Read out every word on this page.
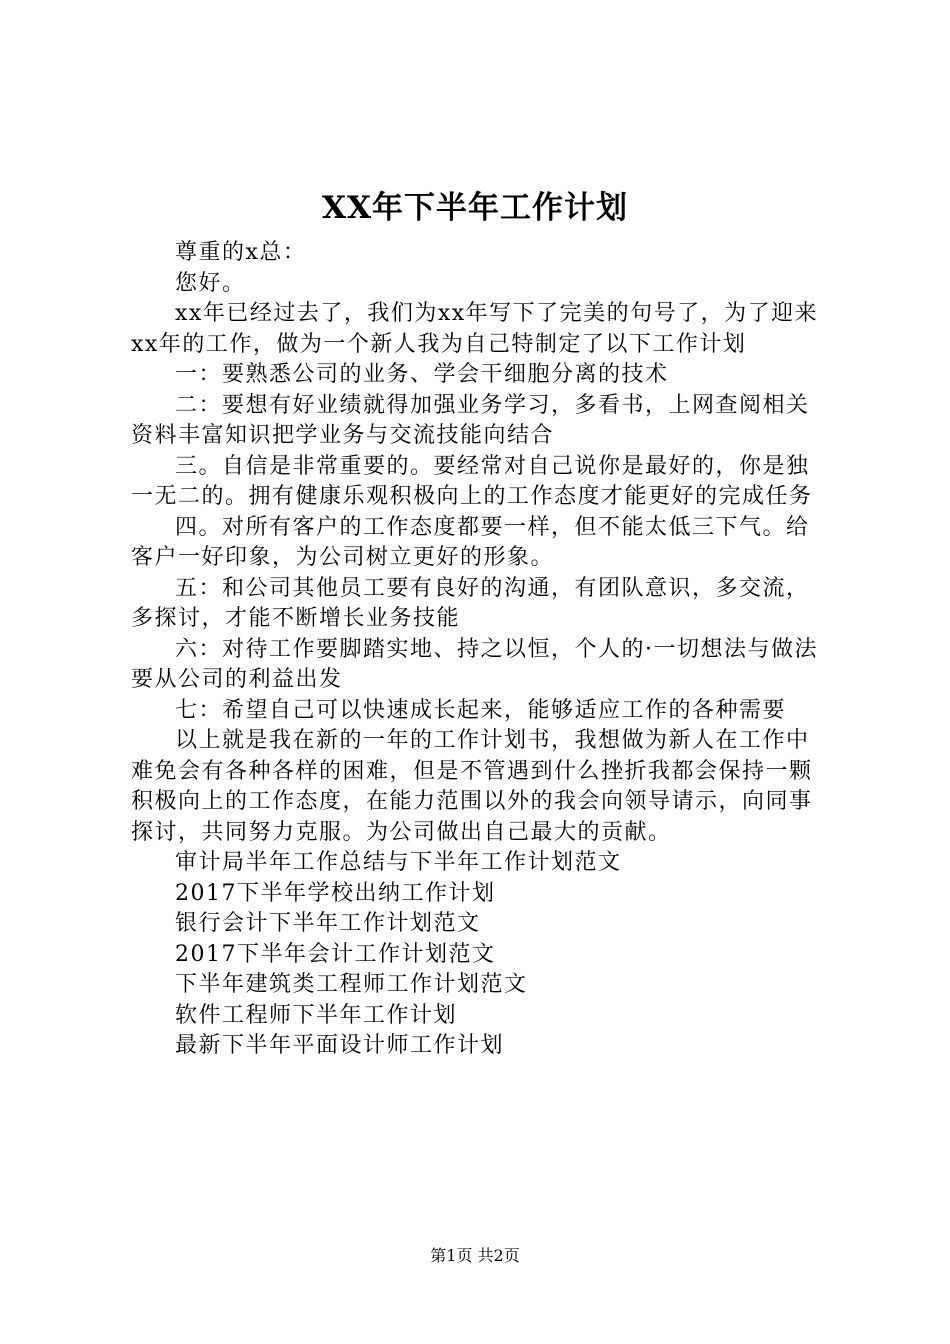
XX年下半年工作计划

尊重的x总：

您好。

xx年已经过去了，我们为xx年写下了完美的句号了，为了迎来xx年的工作，做为一个新人我为自己特制定了以下工作计划

一：要熟悉公司的业务、学会干细胞分离的技术

二：要想有好业绩就得加强业务学习，多看书，上网查阅相关资料丰富知识把学业务与交流技能向结合

三。自信是非常重要的。要经常对自己说你是最好的，你是独一无二的。拥有健康乐观积极向上的工作态度才能更好的完成任务

四。对所有客户的工作态度都要一样，但不能太低三下气。给客户一好印象，为公司树立更好的形象。

五：和公司其他员工要有良好的沟通，有团队意识，多交流，多探讨，才能不断增长业务技能

六：对待工作要脚踏实地、持之以恒，个人的·一切想法与做法要从公司的利益出发

七：希望自己可以快速成长起来，能够适应工作的各种需要

以上就是我在新的一年的工作计划书，我想做为新人在工作中难免会有各种各样的困难，但是不管遇到什么挫折我都会保持一颗积极向上的工作态度，在能力范围以外的我会向领导请示，向同事探讨，共同努力克服。为公司做出自己最大的贡献。

审计局半年工作总结与下半年工作计划范文

2017下半年学校出纳工作计划

银行会计下半年工作计划范文

2017下半年会计工作计划范文

下半年建筑类工程师工作计划范文

软件工程师下半年工作计划

最新下半年平面设计师工作计划

第1页 共2页
